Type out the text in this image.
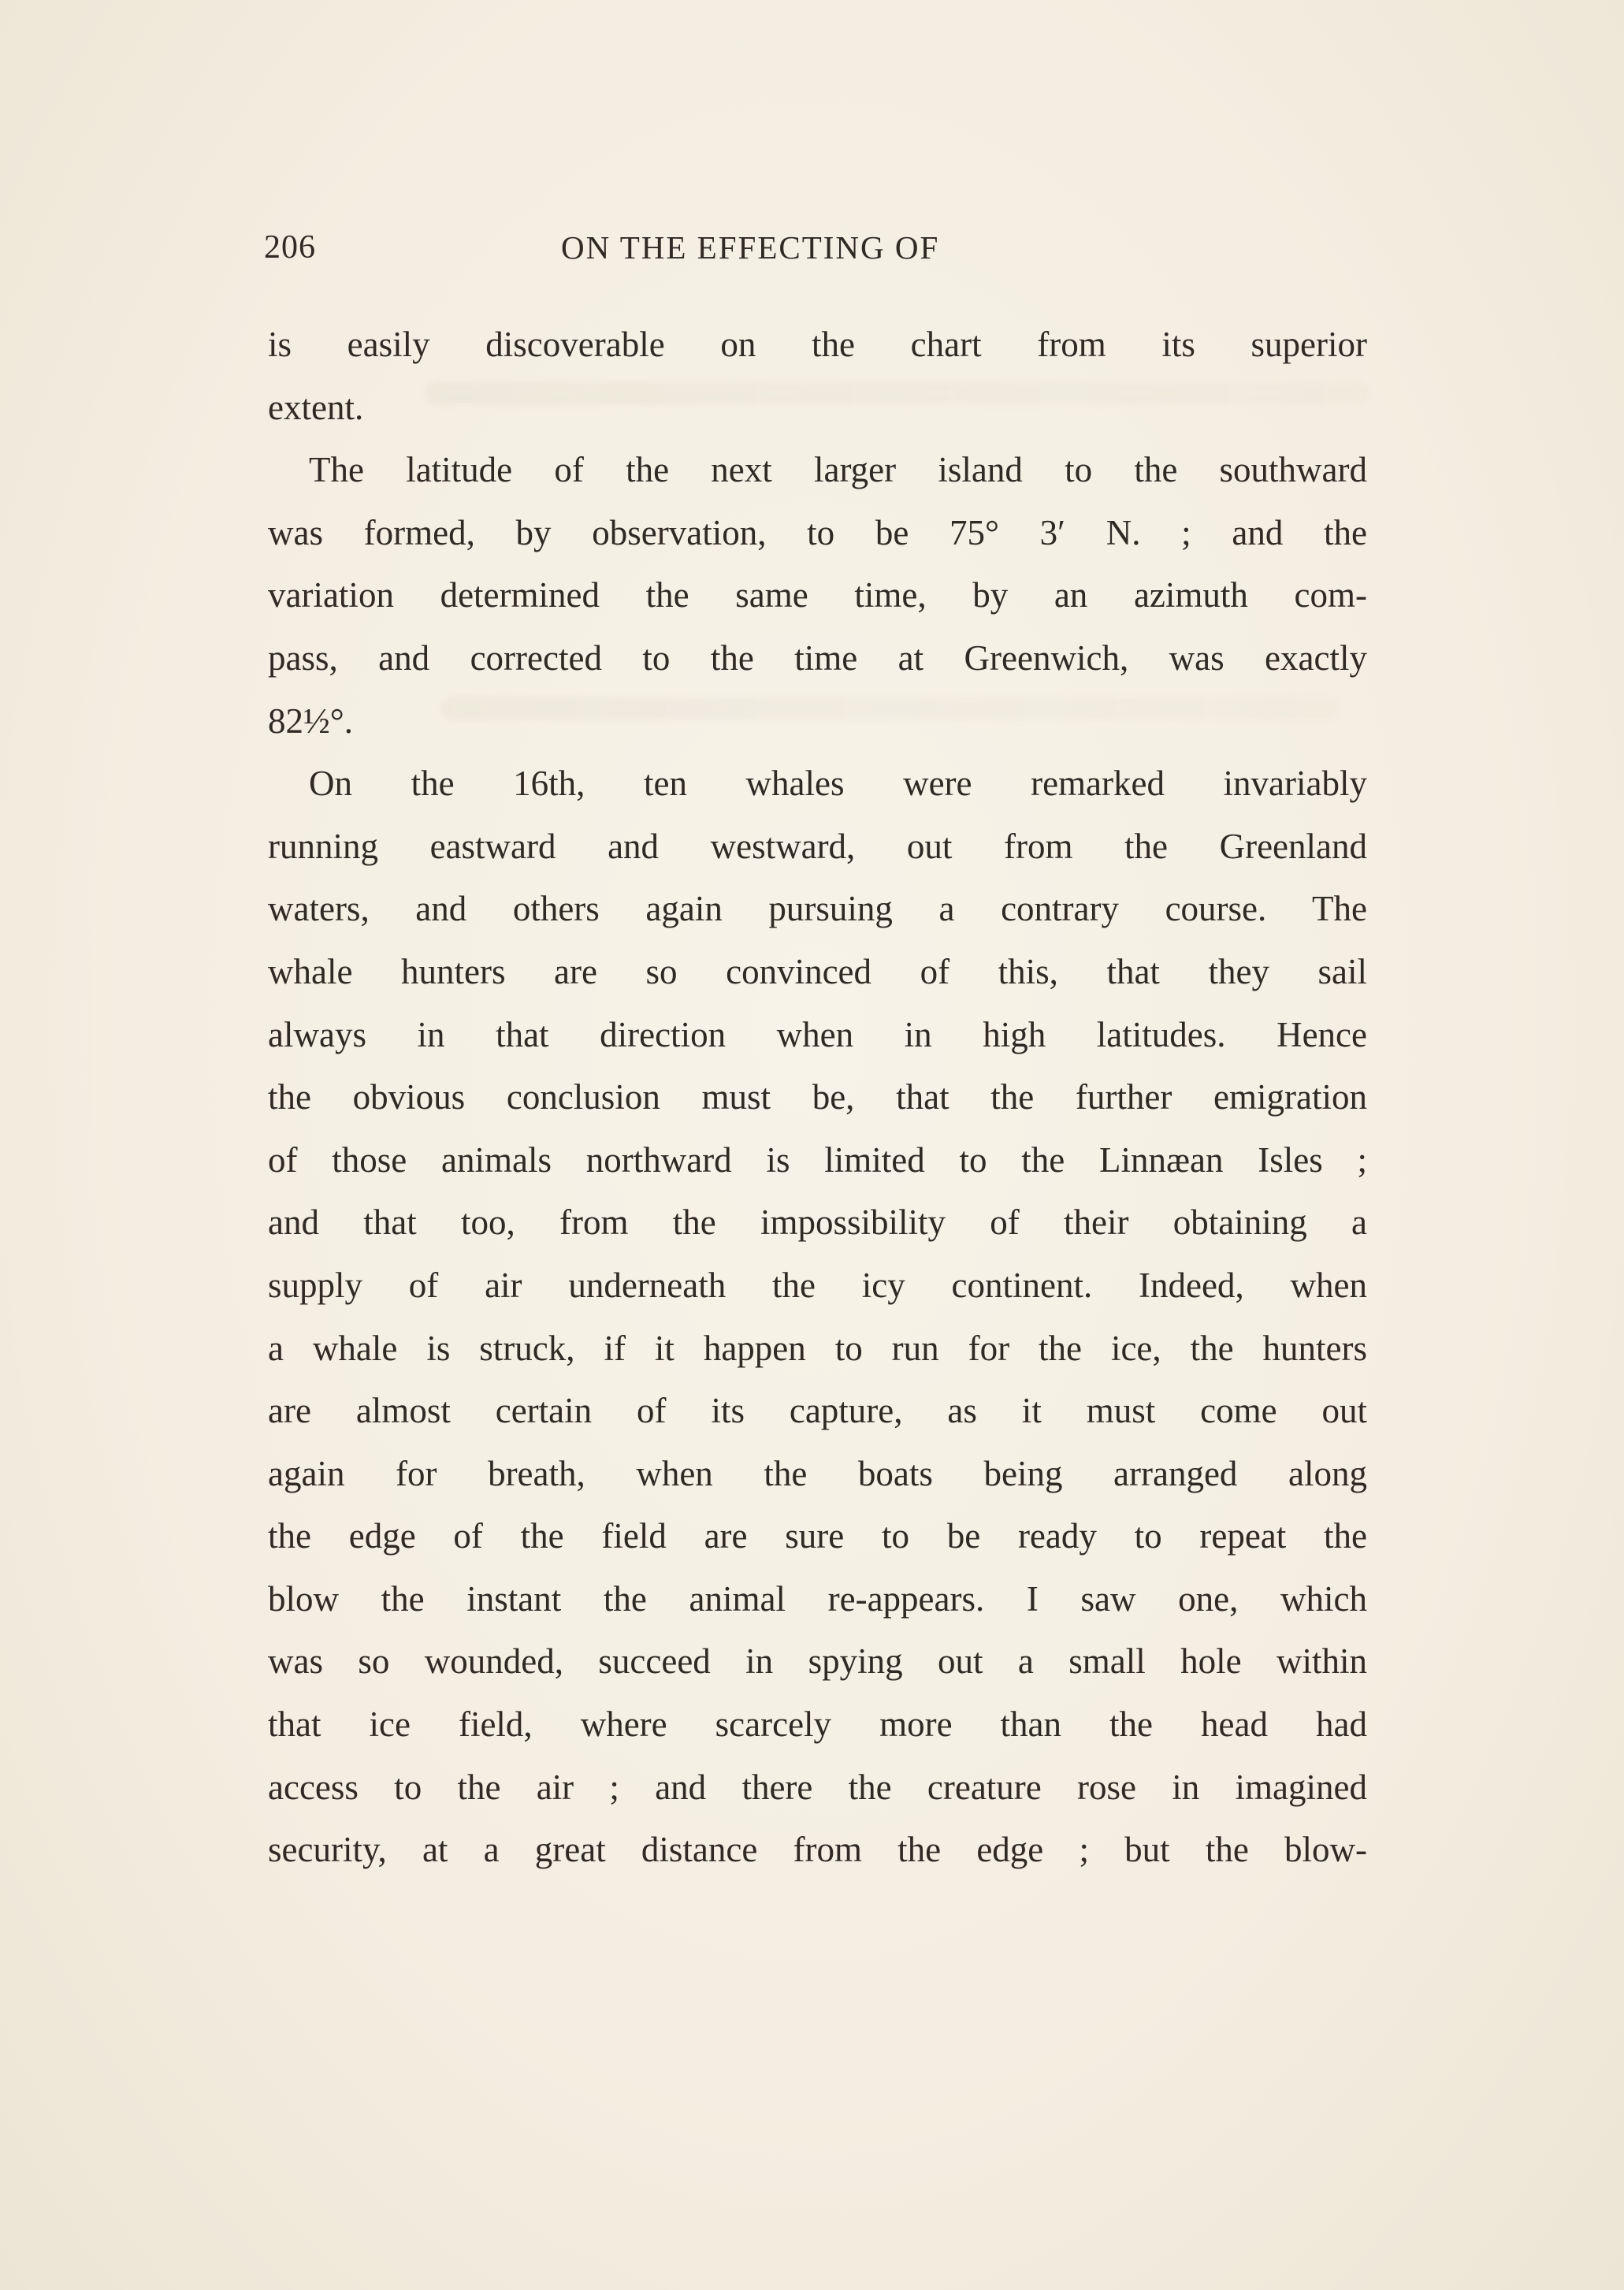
206	ON THE EFFECTING OF
is easily discoverable on the chart from its superior
extent.
The latitude of the next larger island to the southward
was formed, by observation, to be 75° 3′ N. ; and the
variation determined the same time, by an azimuth com-
pass, and corrected to the time at Greenwich, was exactly
82½°.
On the 16th, ten whales were remarked invariably
running eastward and westward, out from the Greenland
waters, and others again pursuing a contrary course. The
whale hunters are so convinced of this, that they sail
always in that direction when in high latitudes. Hence
the obvious conclusion must be, that the further emigration
of those animals northward is limited to the Linnæan Isles ;
and that too, from the impossibility of their obtaining a
supply of air underneath the icy continent. Indeed, when
a whale is struck, if it happen to run for the ice, the hunters
are almost certain of its capture, as it must come out
again for breath, when the boats being arranged along
the edge of the field are sure to be ready to repeat the
blow the instant the animal re-appears. I saw one, which
was so wounded, succeed in spying out a small hole within
that ice field, where scarcely more than the head had
access to the air ; and there the creature rose in imagined
security, at a great distance from the edge ; but the blow-
